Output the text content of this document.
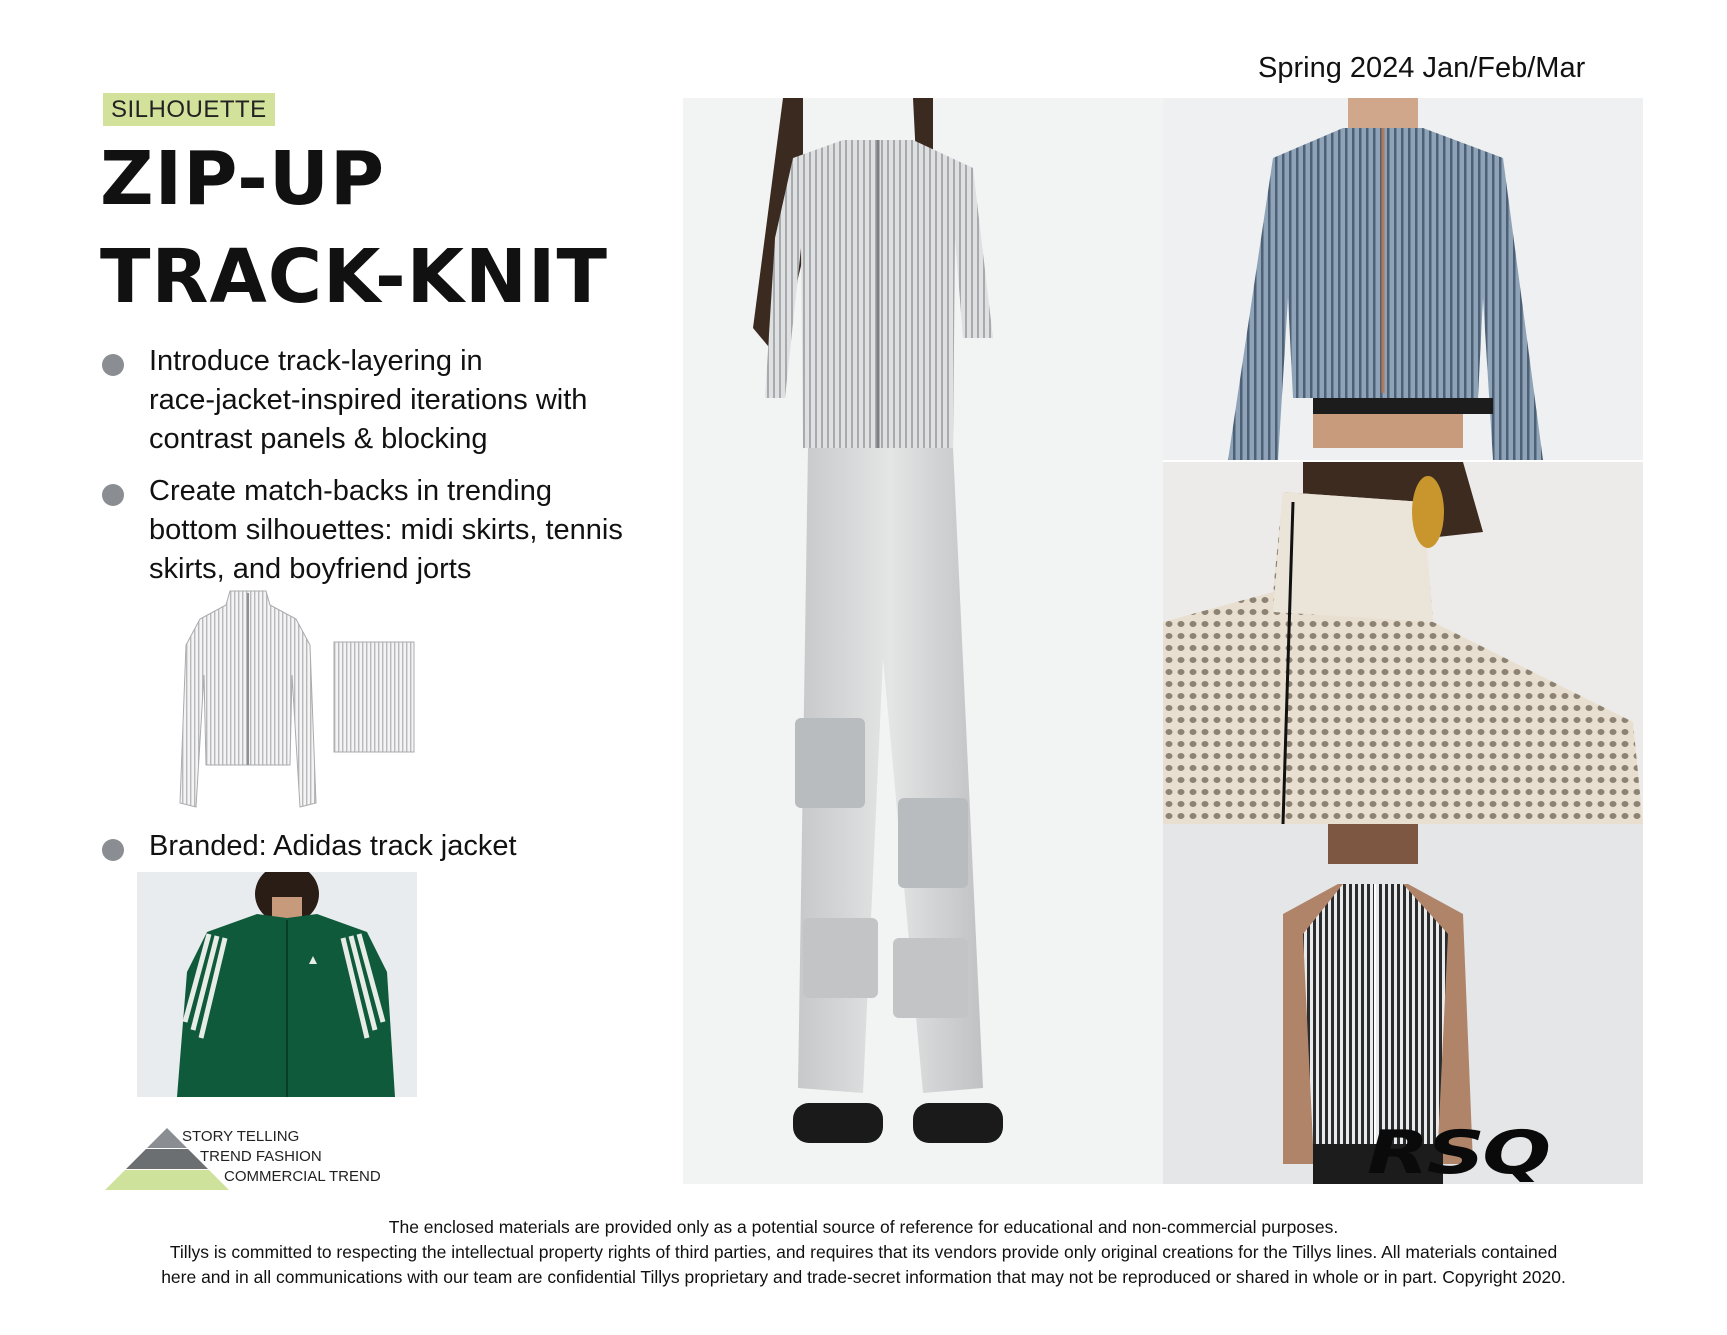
Spring 2024 Jan/Feb/Mar
SILHOUETTE
ZIP-UP
TRACK-KNIT
Introduce track-layering in
race-jacket-inspired iterations with
contrast panels & blocking
Create match-backs in trending
bottom silhouettes: midi skirts, tennis
skirts, and boyfriend jorts
Branded: Adidas track jacket
RSQ
STORY TELLING
TREND FASHION
COMMERCIAL TREND
The enclosed materials are provided only as a potential source of reference for educational and non-commercial purposes.
Tillys is committed to respecting the intellectual property rights of third parties, and requires that its vendors provide only original creations for the Tillys lines. All materials contained
here and in all communications with our team are confidential Tillys proprietary and trade-secret information that may not be reproduced or shared in whole or in part. Copyright 2020.
